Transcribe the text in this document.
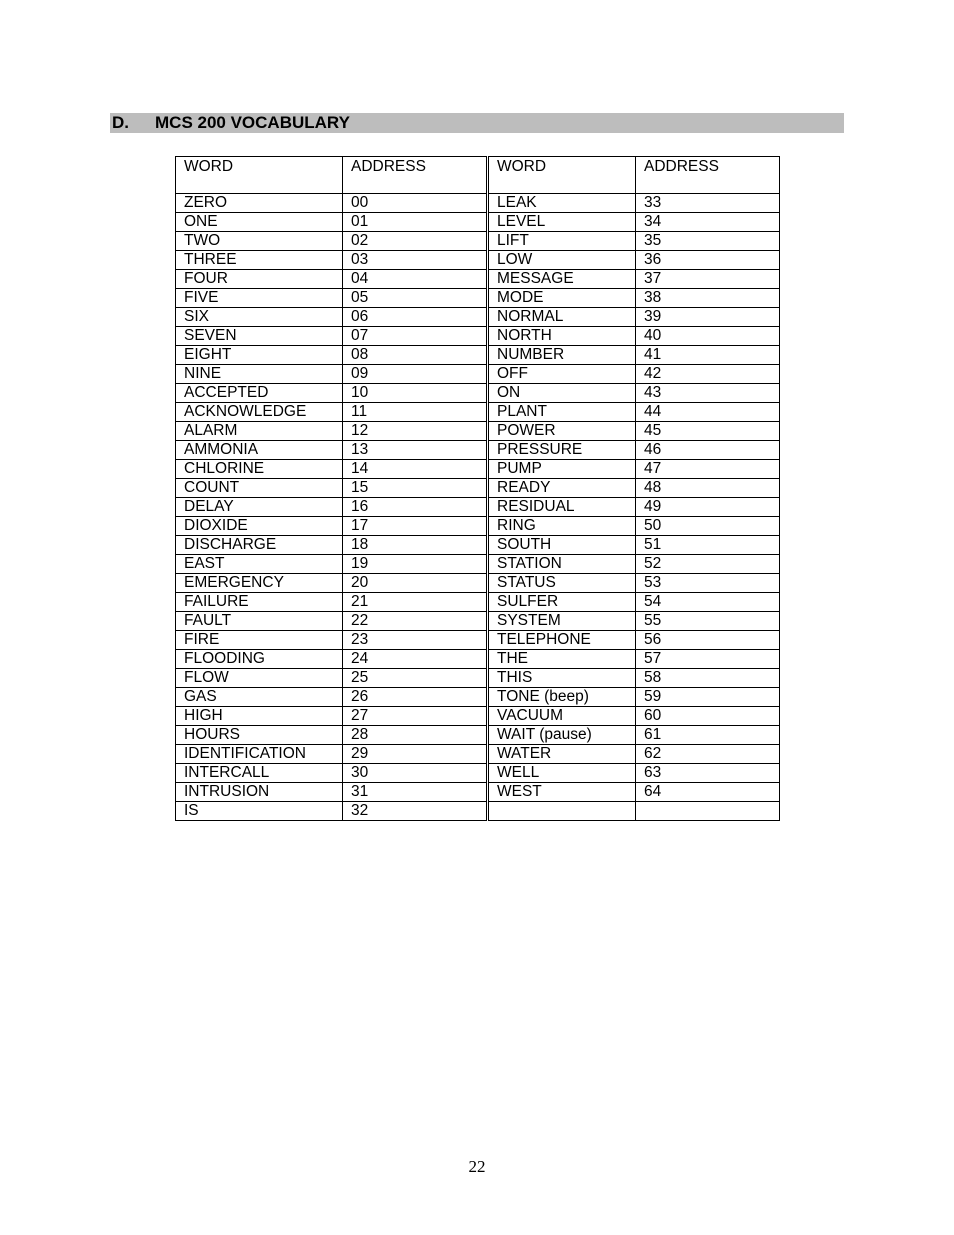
D. MCS 200 VOCABULARY
WORD	ADDRESS	WORD	ADDRESS
ZERO	00	LEAK	33
ONE	01	LEVEL	34
TWO	02	LIFT	35
THREE	03	LOW	36
FOUR	04	MESSAGE	37
FIVE	05	MODE	38
SIX	06	NORMAL	39
SEVEN	07	NORTH	40
EIGHT	08	NUMBER	41
NINE	09	OFF	42
ACCEPTED	10	ON	43
ACKNOWLEDGE	11	PLANT	44
ALARM	12	POWER	45
AMMONIA	13	PRESSURE	46
CHLORINE	14	PUMP	47
COUNT	15	READY	48
DELAY	16	RESIDUAL	49
DIOXIDE	17	RING	50
DISCHARGE	18	SOUTH	51
EAST	19	STATION	52
EMERGENCY	20	STATUS	53
FAILURE	21	SULFER	54
FAULT	22	SYSTEM	55
FIRE	23	TELEPHONE	56
FLOODING	24	THE	57
FLOW	25	THIS	58
GAS	26	TONE (beep)	59
HIGH	27	VACUUM	60
HOURS	28	WAIT (pause)	61
IDENTIFICATION	29	WATER	62
INTERCALL	30	WELL	63
INTRUSION	31	WEST	64
IS	32		
22
